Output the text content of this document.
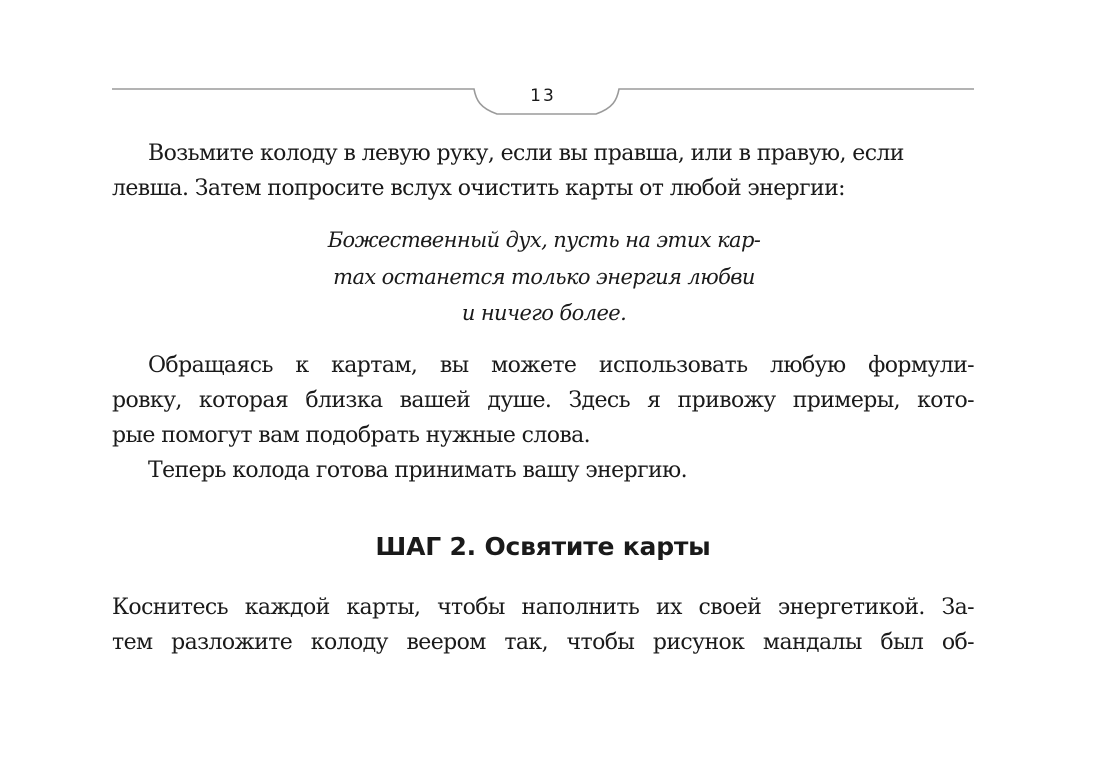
13

Возьмите колоду в левую руку, если вы правша, или в правую, если

левша. Затем попросите вслух очистить карты от любой энергии:

Божественный дух, пусть на этих кар-

тах останется только энергия любви

и ничего более.

Обращаясь к картам, вы можете использовать любую формули-

ровку, которая близка вашей душе. Здесь я привожу примеры, кото-

рые помогут вам подобрать нужные слова.

Теперь колода готова принимать вашу энергию.

ШАГ 2. Освятите карты

Коснитесь каждой карты, чтобы наполнить их своей энергетикой. За-

тем разложите колоду веером так, чтобы рисунок мандалы был об-
